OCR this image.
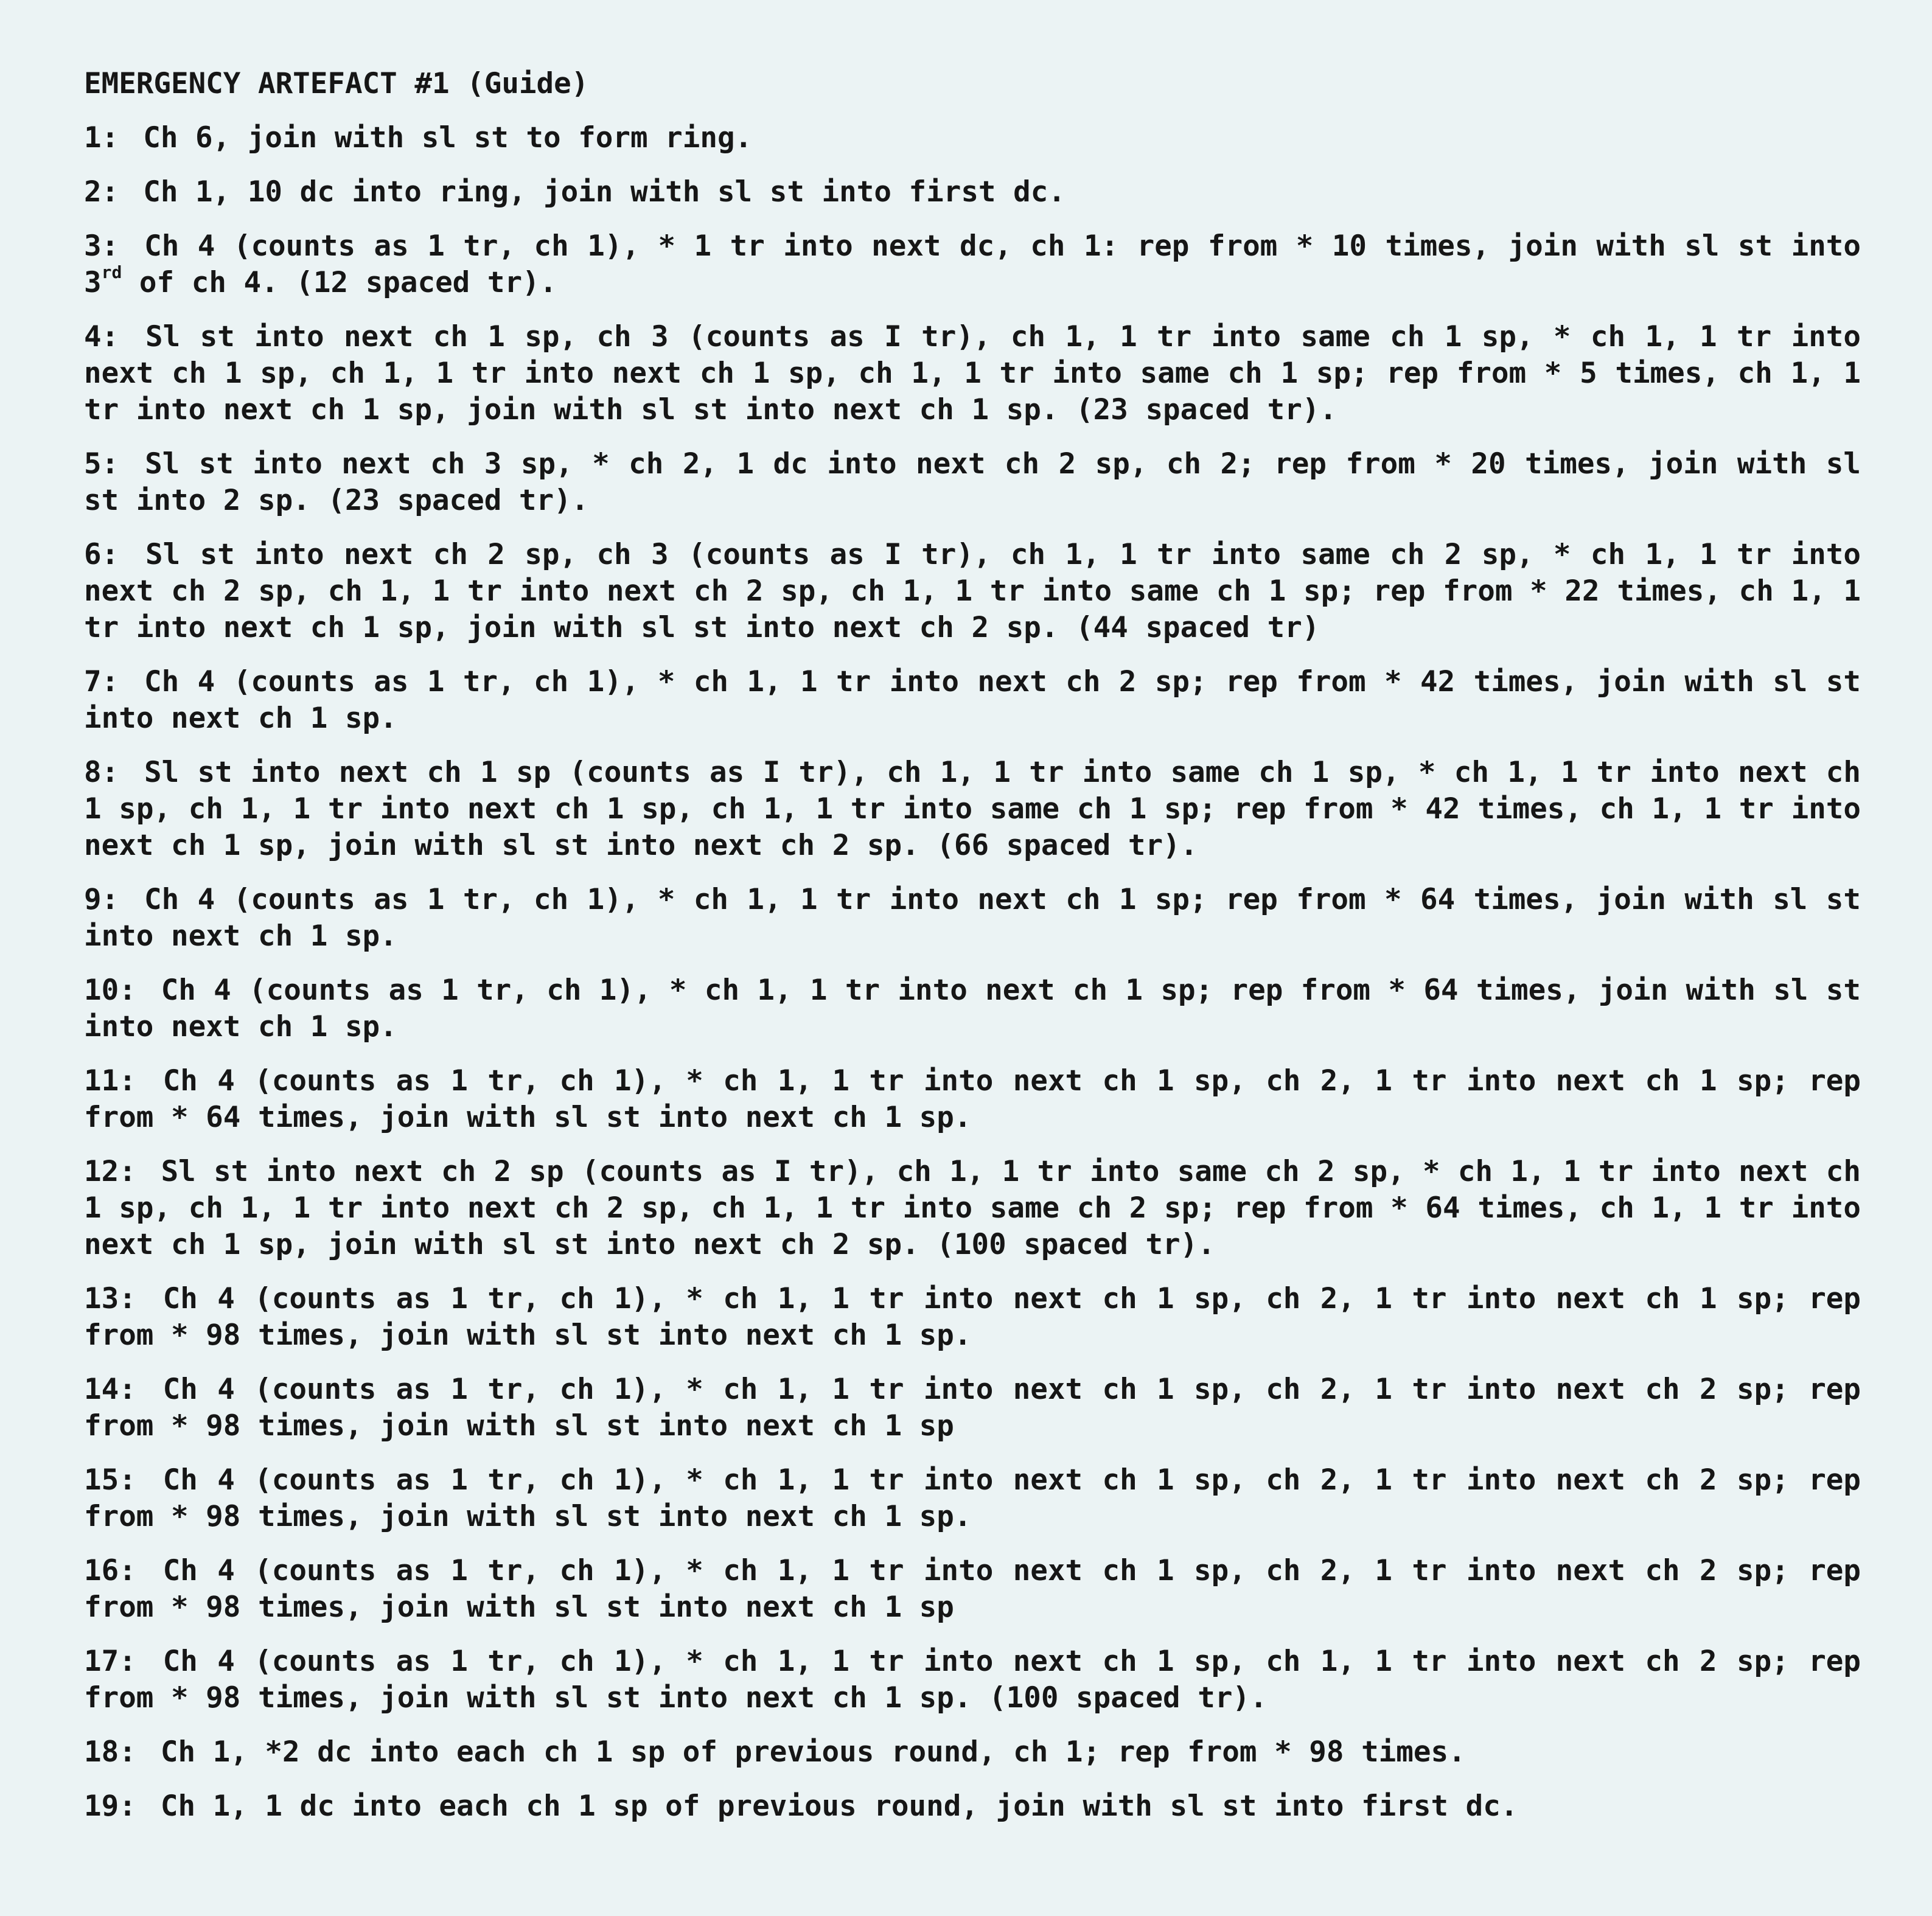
EMERGENCY ARTEFACT #1 (Guide)
1: Ch 6, join with sl st to form ring.
2: Ch 1, 10 dc into ring, join with sl st into first dc.
3: Ch 4 (counts as 1 tr, ch 1), * 1 tr into next dc, ch 1: rep from * 10 times, join with sl st into 3rd of ch 4. (12 spaced tr).
4: Sl st into next ch 1 sp, ch 3 (counts as I tr), ch 1, 1 tr into same ch 1 sp, * ch 1, 1 tr into next ch 1 sp, ch 1, 1 tr into next ch 1 sp, ch 1, 1 tr into same ch 1 sp; rep from * 5 times, ch 1, 1 tr into next ch 1 sp, join with sl st into next ch 1 sp. (23 spaced tr).
5: Sl st into next ch 3 sp, * ch 2, 1 dc into next ch 2 sp, ch 2; rep from * 20 times, join with sl st into 2 sp. (23 spaced tr).
6: Sl st into next ch 2 sp, ch 3 (counts as I tr), ch 1, 1 tr into same ch 2 sp, * ch 1, 1 tr into next ch 2 sp, ch 1, 1 tr into next ch 2 sp, ch 1, 1 tr into same ch 1 sp; rep from * 22 times, ch 1, 1 tr into next ch 1 sp, join with sl st into next ch 2 sp. (44 spaced tr)
7: Ch 4 (counts as 1 tr, ch 1), * ch 1, 1 tr into next ch 2 sp; rep from * 42 times, join with sl st into next ch 1 sp.
8: Sl st into next ch 1 sp (counts as I tr), ch 1, 1 tr into same ch 1 sp, * ch 1, 1 tr into next ch 1 sp, ch 1, 1 tr into next ch 1 sp, ch 1, 1 tr into same ch 1 sp; rep from * 42 times, ch 1, 1 tr into next ch 1 sp, join with sl st into next ch 2 sp. (66 spaced tr).
9: Ch 4 (counts as 1 tr, ch 1), * ch 1, 1 tr into next ch 1 sp; rep from * 64 times, join with sl st into next ch 1 sp.
10: Ch 4 (counts as 1 tr, ch 1), * ch 1, 1 tr into next ch 1 sp; rep from * 64 times, join with sl st into next ch 1 sp.
11: Ch 4 (counts as 1 tr, ch 1), * ch 1, 1 tr into next ch 1 sp, ch 2, 1 tr into next ch 1 sp; rep from * 64 times, join with sl st into next ch 1 sp.
12: Sl st into next ch 2 sp (counts as I tr), ch 1, 1 tr into same ch 2 sp, * ch 1, 1 tr into next ch 1 sp, ch 1, 1 tr into next ch 2 sp, ch 1, 1 tr into same ch 2 sp; rep from * 64 times, ch 1, 1 tr into next ch 1 sp, join with sl st into next ch 2 sp. (100 spaced tr).
13: Ch 4 (counts as 1 tr, ch 1), * ch 1, 1 tr into next ch 1 sp, ch 2, 1 tr into next ch 1 sp; rep from * 98 times, join with sl st into next ch 1 sp.
14: Ch 4 (counts as 1 tr, ch 1), * ch 1, 1 tr into next ch 1 sp, ch 2, 1 tr into next ch 2 sp; rep from * 98 times, join with sl st into next ch 1 sp
15: Ch 4 (counts as 1 tr, ch 1), * ch 1, 1 tr into next ch 1 sp, ch 2, 1 tr into next ch 2 sp; rep from * 98 times, join with sl st into next ch 1 sp.
16: Ch 4 (counts as 1 tr, ch 1), * ch 1, 1 tr into next ch 1 sp, ch 2, 1 tr into next ch 2 sp; rep from * 98 times, join with sl st into next ch 1 sp
17: Ch 4 (counts as 1 tr, ch 1), * ch 1, 1 tr into next ch 1 sp, ch 1, 1 tr into next ch 2 sp; rep from * 98 times, join with sl st into next ch 1 sp. (100 spaced tr).
18: Ch 1, *2 dc into each ch 1 sp of previous round, ch 1; rep from * 98 times.
19: Ch 1, 1 dc into each ch 1 sp of previous round, join with sl st into first dc.
